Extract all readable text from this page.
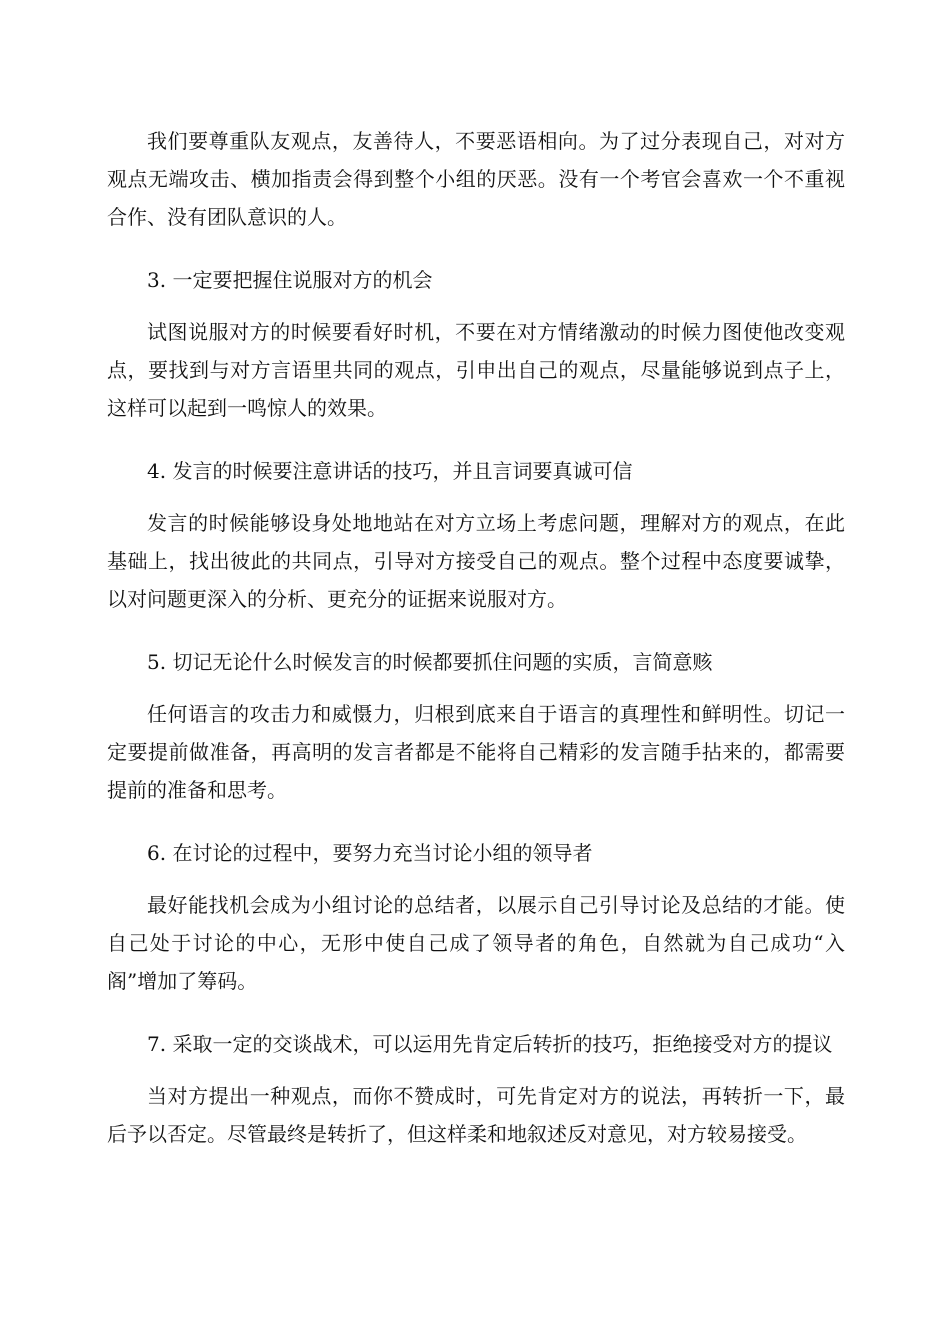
我们要尊重队友观点，友善待人，不要恶语相向。为了过分表现自己，对对方观点无端攻击、横加指责会得到整个小组的厌恶。没有一个考官会喜欢一个不重视合作、没有团队意识的人。

3. 一定要把握住说服对方的机会

试图说服对方的时候要看好时机，不要在对方情绪激动的时候力图使他改变观点，要找到与对方言语里共同的观点，引申出自己的观点，尽量能够说到点子上，这样可以起到一鸣惊人的效果。

4. 发言的时候要注意讲话的技巧，并且言词要真诚可信

发言的时候能够设身处地地站在对方立场上考虑问题，理解对方的观点，在此基础上，找出彼此的共同点，引导对方接受自己的观点。整个过程中态度要诚挚，以对问题更深入的分析、更充分的证据来说服对方。

5. 切记无论什么时候发言的时候都要抓住问题的实质，言简意赅

任何语言的攻击力和威慑力，归根到底来自于语言的真理性和鲜明性。切记一定要提前做准备，再高明的发言者都是不能将自己精彩的发言随手拈来的，都需要提前的准备和思考。

6. 在讨论的过程中，要努力充当讨论小组的领导者

最好能找机会成为小组讨论的总结者，以展示自己引导讨论及总结的才能。使自己处于讨论的中心，无形中使自己成了领导者的角色，自然就为自己成功“入阁”增加了筹码。

7. 采取一定的交谈战术，可以运用先肯定后转折的技巧，拒绝接受对方的提议

当对方提出一种观点，而你不赞成时，可先肯定对方的说法，再转折一下，最后予以否定。尽管最终是转折了，但这样柔和地叙述反对意见，对方较易接受。
